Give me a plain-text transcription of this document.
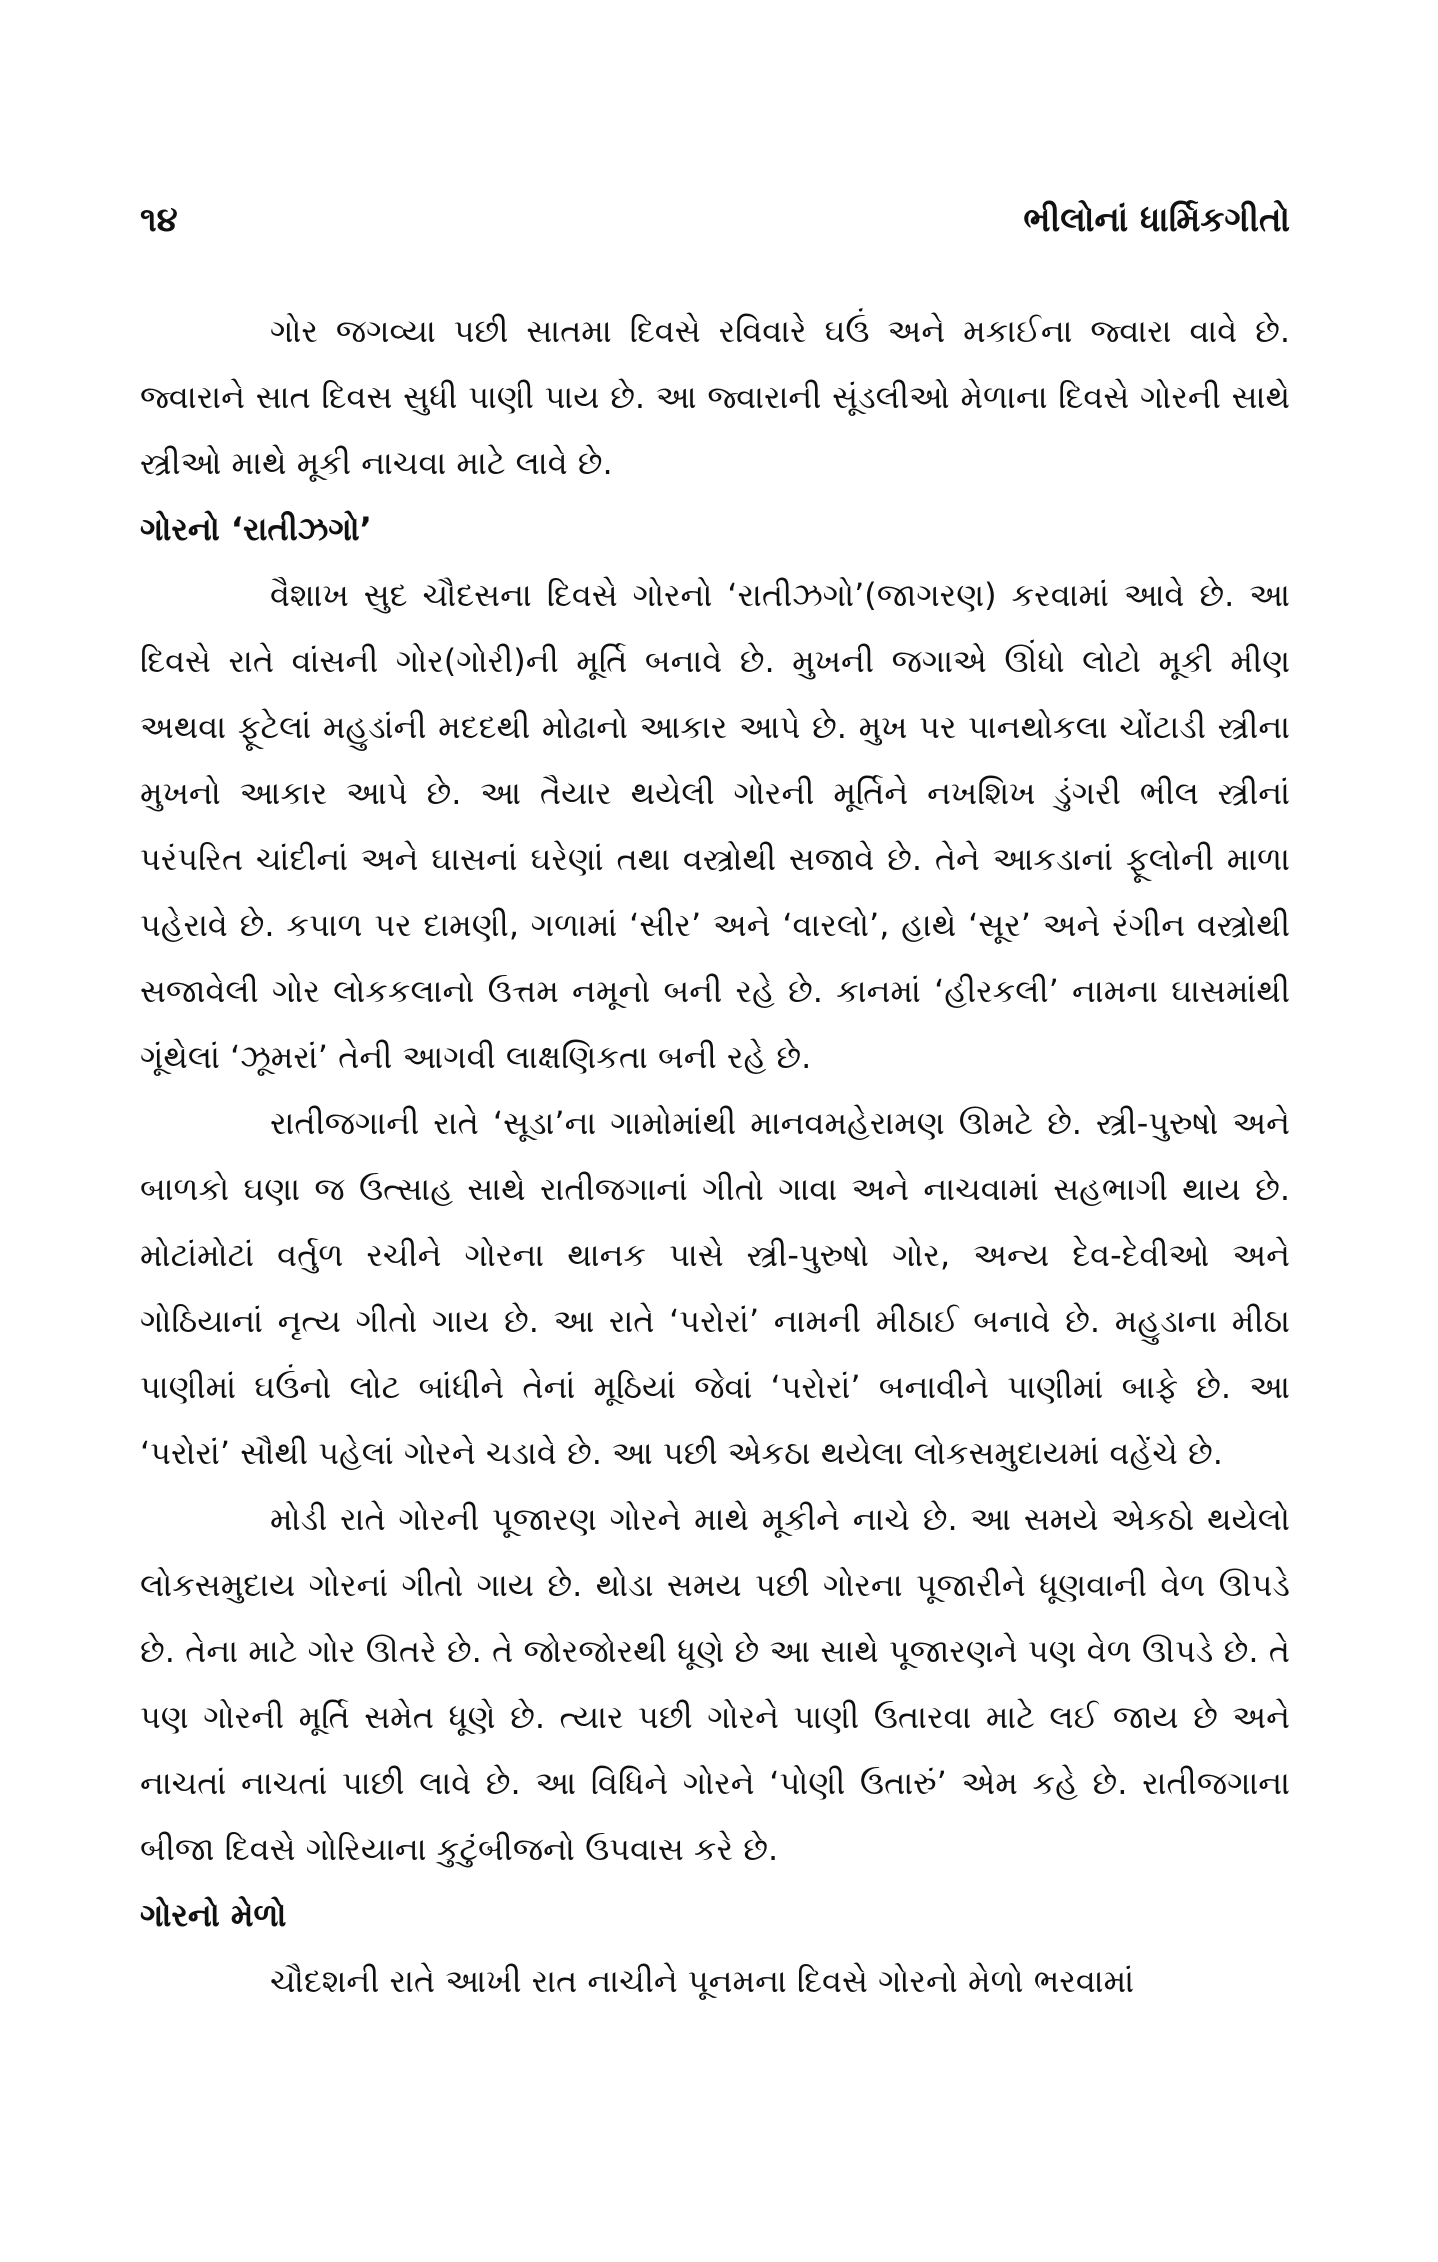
૧૪	ભીલોનાં ધાર્મિકગીતો

ગોર જગવ્યા પછી સાતમા દિવસે રવિવારે ઘઉં અને મકાઈના જ્વારા વાવે છે. જ્વારાને સાત દિવસ સુધી પાણી પાય છે. આ જ્વારાની સૂંડલીઓ મેળાના દિવસે ગોરની સાથે સ્ત્રીઓ માથે મૂકી નાચવા માટે લાવે છે.

ગોરનો ‘રાતીઝગો’

વૈશાખ સુદ ચૌદસના દિવસે ગોરનો ‘રાતીઝગો’(જાગરણ) કરવામાં આવે છે. આ દિવસે રાતે વાંસની ગોર(ગોરી)ની મૂર્તિ બનાવે છે. મુખની જગાએ ઊંધો લોટો મૂકી મીણ અથવા ફૂટેલાં મહુડાંની મદદથી મોઢાનો આકાર આપે છે. મુખ પર પાનથોકલા ચોંટાડી સ્ત્રીના મુખનો આકાર આપે છે. આ તૈયાર થયેલી ગોરની મૂર્તિને નખશિખ ડુંગરી ભીલ સ્ત્રીનાં પરંપરિત ચાંદીનાં અને ઘાસનાં ઘરેણાં તથા વસ્ત્રોથી સજાવે છે. તેને આકડાનાં ફૂલોની માળા પહેરાવે છે. કપાળ પર દામણી, ગળામાં ‘સીર’ અને ‘વારલો’, હાથે ‘સૂર’ અને રંગીન વસ્ત્રોથી સજાવેલી ગોર લોકકલાનો ઉત્તમ નમૂનો બની રહે છે. કાનમાં ‘હીરકલી’ નામના ઘાસમાંથી ગૂંથેલાં ‘ઝૂમરાં’ તેની આગવી લાક્ષણિકતા બની રહે છે.

રાતીજગાની રાતે ‘સૂડા’ના ગામોમાંથી માનવમહેરામણ ઊમટે છે. સ્ત્રી-પુરુષો અને બાળકો ઘણા જ ઉત્સાહ સાથે રાતીજગાનાં ગીતો ગાવા અને નાચવામાં સહભાગી થાય છે. મોટાંમોટાં વર્તુળ રચીને ગોરના થાનક પાસે સ્ત્રી-પુરુષો ગોર, અન્ય દેવ-દેવીઓ અને ગોઠિયાનાં નૃત્ય ગીતો ગાય છે. આ રાતે ‘પરોરાં’ નામની મીઠાઈ બનાવે છે. મહુડાના મીઠા પાણીમાં ઘઉંનો લોટ બાંધીને તેનાં મૂઠિયાં જેવાં ‘પરોરાં’ બનાવીને પાણીમાં બાફે છે. આ ‘પરોરાં’ સૌથી પહેલાં ગોરને ચડાવે છે. આ પછી એકઠા થયેલા લોકસમુદાયમાં વહેંચે છે.

મોડી રાતે ગોરની પૂજારણ ગોરને માથે મૂકીને નાચે છે. આ સમયે એકઠો થયેલો લોકસમુદાય ગોરનાં ગીતો ગાય છે. થોડા સમય પછી ગોરના પૂજારીને ધૂણવાની વેળ ઊપડે છે. તેના માટે ગોર ઊતરે છે. તે જોરજોરથી ધૂણે છે આ સાથે પૂજારણને પણ વેળ ઊપડે છે. તે પણ ગોરની મૂર્તિ સમેત ધૂણે છે. ત્યાર પછી ગોરને પાણી ઉતારવા માટે લઈ જાય છે અને નાચતાં નાચતાં પાછી લાવે છે. આ વિધિને ગોરને ‘પોણી ઉતારું’ એમ કહે છે. રાતીજગાના બીજા દિવસે ગોરિયાના કુટુંબીજનો ઉપવાસ કરે છે.

ગોરનો મેળો

ચૌદશની રાતે આખી રાત નાચીને પૂનમના દિવસે ગોરનો મેળો ભરવામાં
